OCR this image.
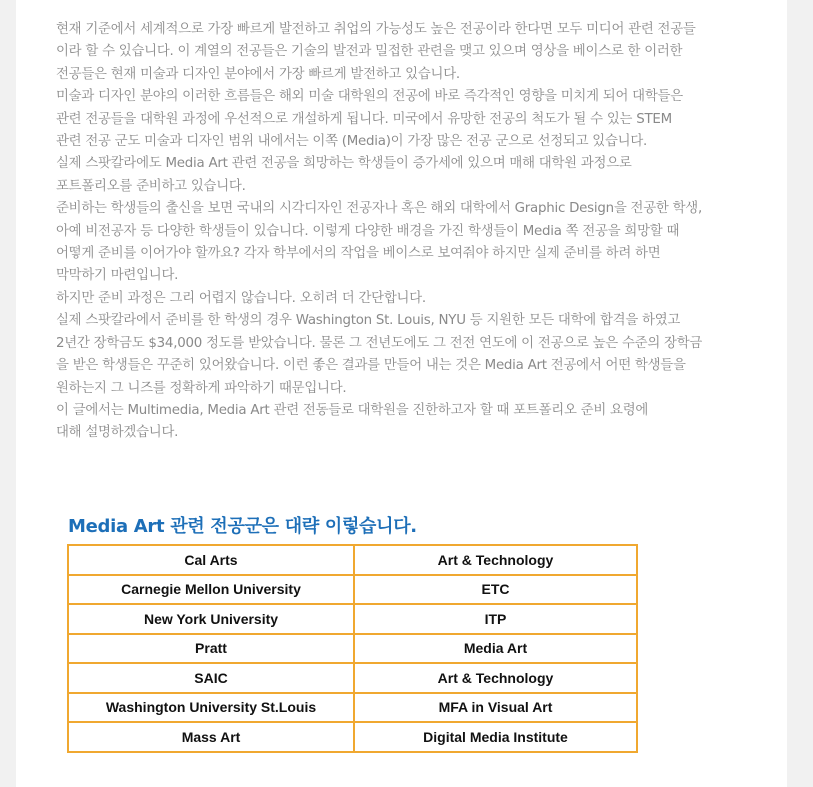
현재 기준에서 세계적으로 가장 빠르게 발전하고 취업의 가능성도 높은 전공이라 한다면 모두 미디어 관련 전공들

이라 할 수 있습니다. 이 계열의 전공들은 기술의 발전과 밀접한 관련을 맺고 있으며 영상을 베이스로 한 이러한

전공들은 현재 미술과 디자인 분야에서 가장 빠르게 발전하고 있습니다.

미술과 디자인 분야의 이러한 흐름들은 해외 미술 대학원의 전공에 바로 즉각적인 영향을 미치게 되어 대학들은

관련 전공들을 대학원 과정에 우선적으로 개설하게 됩니다. 미국에서 유망한 전공의 척도가 될 수 있는 STEM

관련 전공 군도 미술과 디자인 범위 내에서는 이쪽 (Media)이 가장 많은 전공 군으로 선정되고 있습니다.

실제 스팟칼라에도 Media Art 관련 전공을 희망하는 학생들이 증가세에 있으며 매해 대학원 과정으로

포트폴리오를 준비하고 있습니다.

준비하는 학생들의 출신을 보면 국내의 시각디자인 전공자나 혹은 해외 대학에서 Graphic Design을 전공한 학생,

아예 비전공자 등 다양한 학생들이 있습니다. 이렇게 다양한 배경을 가진 학생들이 Media 쪽 전공을 희망할 때

어떻게 준비를 이어가야 할까요? 각자 학부에서의 작업을 베이스로 보여줘야 하지만 실제 준비를 하려 하면

막막하기 마련입니다.

하지만 준비 과정은 그리 어렵지 않습니다. 오히려 더 간단합니다.

실제 스팟칼라에서 준비를 한 학생의 경우 Washington St. Louis, NYU 등 지원한 모든 대학에 합격을 하였고

2년간 장학금도 $34,000 정도를 받았습니다. 물론 그 전년도에도 그 전전 연도에 이 전공으로 높은 수준의 장학금

을 받은 학생들은 꾸준히 있어왔습니다. 이런 좋은 결과를 만들어 내는 것은 Media Art 전공에서 어떤 학생들을

원하는지 그 니즈를 정확하게 파악하기 때문입니다.

이 글에서는 Multimedia, Media Art 관련 전동들로 대학원을 진한하고자 할 때 포트폴리오 준비 요령에

대해 설명하겠습니다.

Media Art 관련 전공군은 대략 이렇습니다.
Cal Arts	Art & Technology
Carnegie Mellon University	ETC
New York University	ITP
Pratt	Media Art
SAIC	Art & Technology
Washington University St.Louis	MFA in Visual Art
Mass Art	Digital Media Institute
